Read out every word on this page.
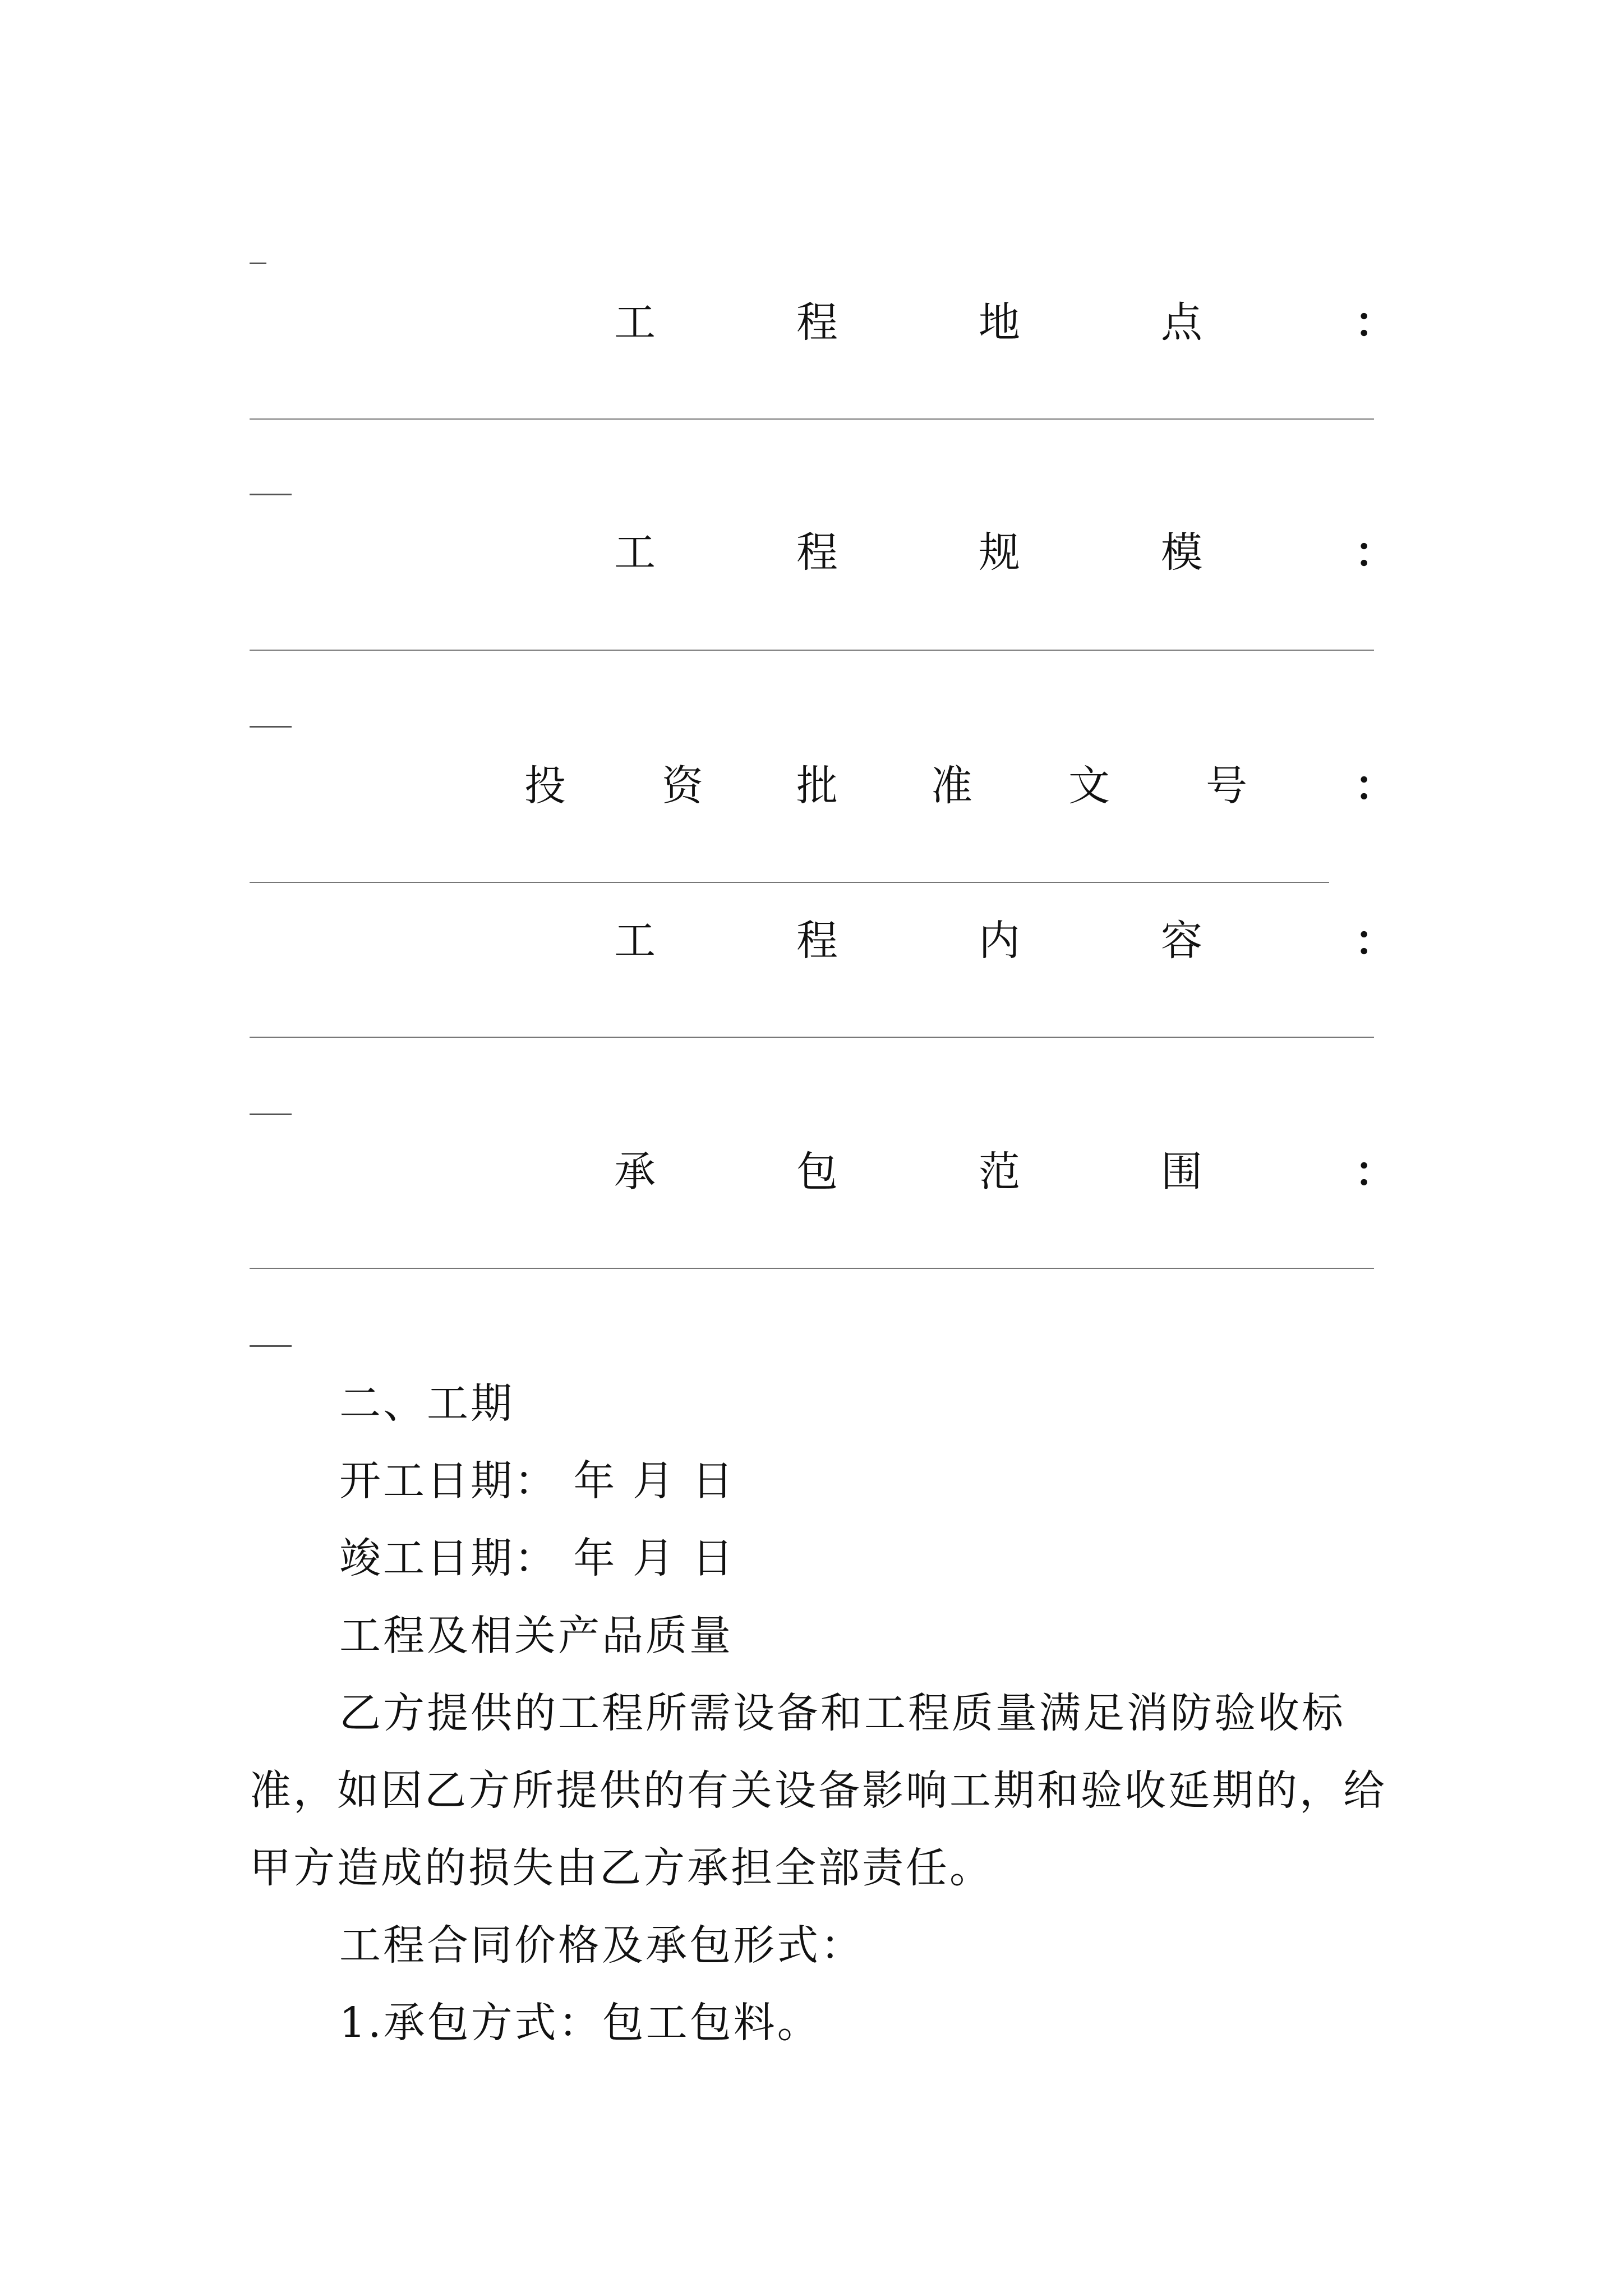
工	程	地	点	：
工	程	规	模	：
投 资 批 准 文 号	：
工	程	内	容	：
承	包	范	围	：
二、工期
开工日期： 年 月 日
竣工日期： 年 月 日
工程及相关产品质量
乙方提供的工程所需设备和工程质量满足消防验收标
准，如因乙方所提供的有关设备影响工期和验收延期的，给
甲方造成的损失由乙方承担全部责任。
工程合同价格及承包形式：
1.承包方式：包工包料。
